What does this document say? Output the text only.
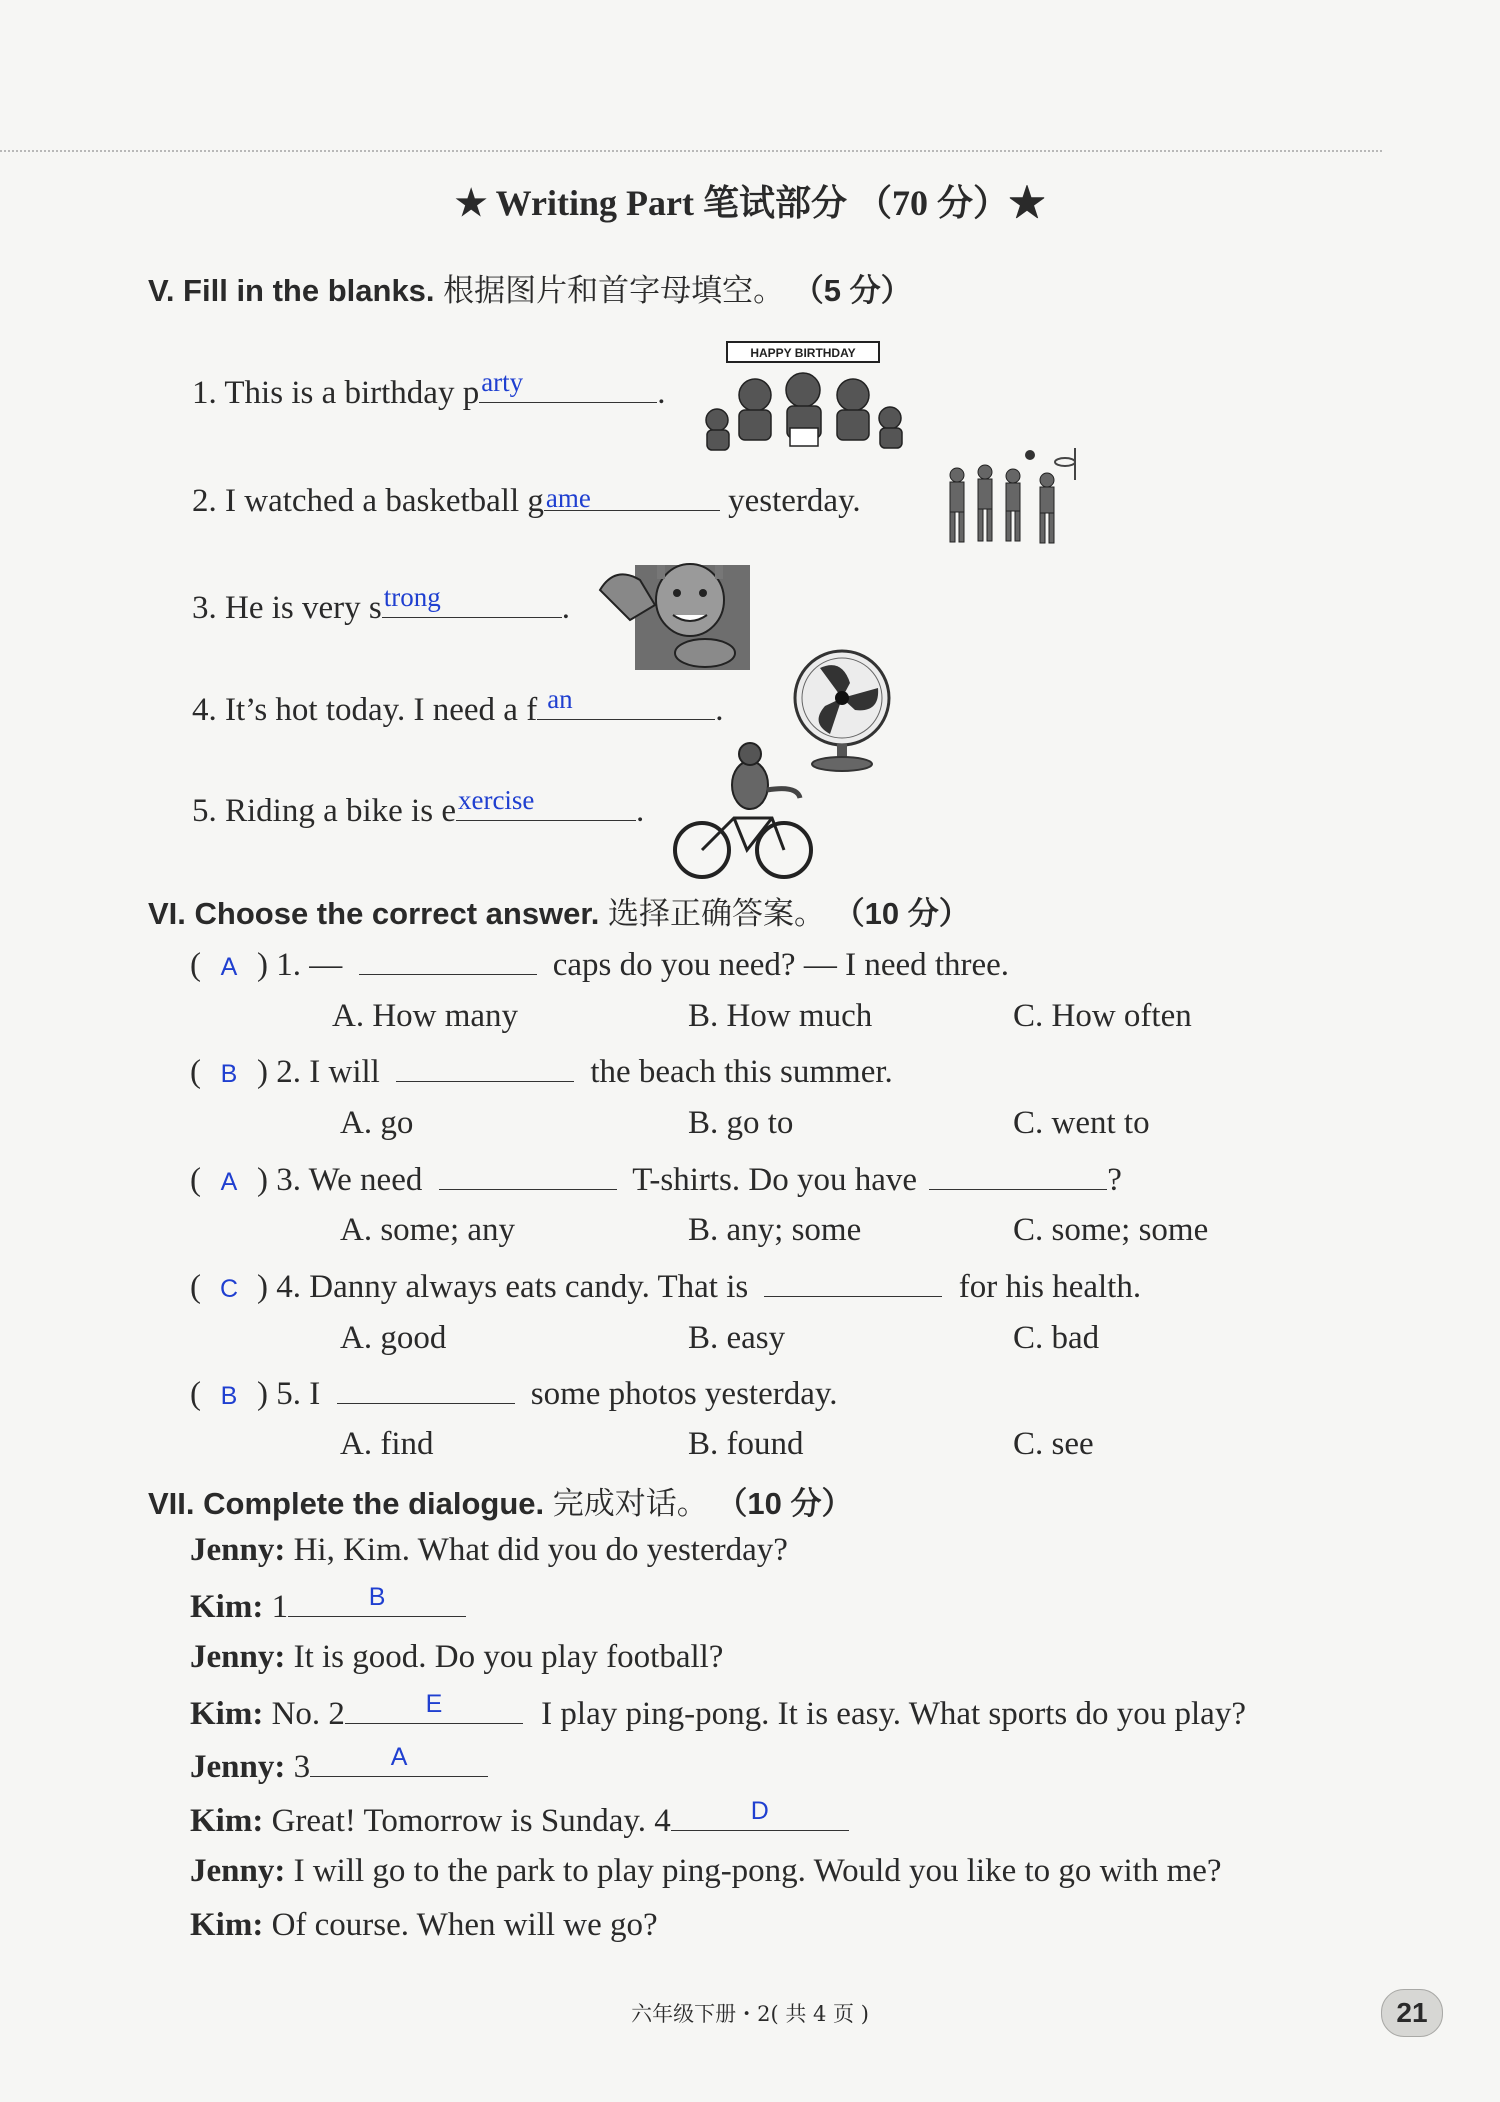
★ Writing Part 笔试部分 （70 分）★
V. Fill in the blanks. 根据图片和首字母填空。 （5 分）
1. This is a birthday p arty	.
2. I watched a basketball g ame	yesterday.
3. He is very s trong	.
4. It’s hot today. I need a f an	.
5. Riding a bike is e xercise	.
HAPPY BIRTHDAY
VI. Choose the correct answer. 选择正确答案。 （10 分）
( A ) 1. —	caps do you need? — I need three.
A. How many	B. How much	C. How often
( B ) 2. I will	the beach this summer.
A. go	B. go to	C. went to
( A ) 3. We need	T-shirts. Do you have	?
A. some; any	B. any; some	C. some; some
( C ) 4. Danny always eats candy. That is	for his health.
A. good	B. easy	C. bad
( B ) 5. I	some photos yesterday.
A. find	B. found	C. see
VII. Complete the dialogue. 完成对话。 （10 分）
Jenny: Hi, Kim. What did you do yesterday?
Kim: 1	B
Jenny: It is good. Do you play football?
Kim: No. 2	E	I play ping-pong. It is easy. What sports do you play?
Jenny: 3	A
Kim: Great! Tomorrow is Sunday. 4	D
Jenny: I will go to the park to play ping-pong. Would you like to go with me?
Kim: Of course. When will we go?
六年级下册・2( 共 4 页 )	21
